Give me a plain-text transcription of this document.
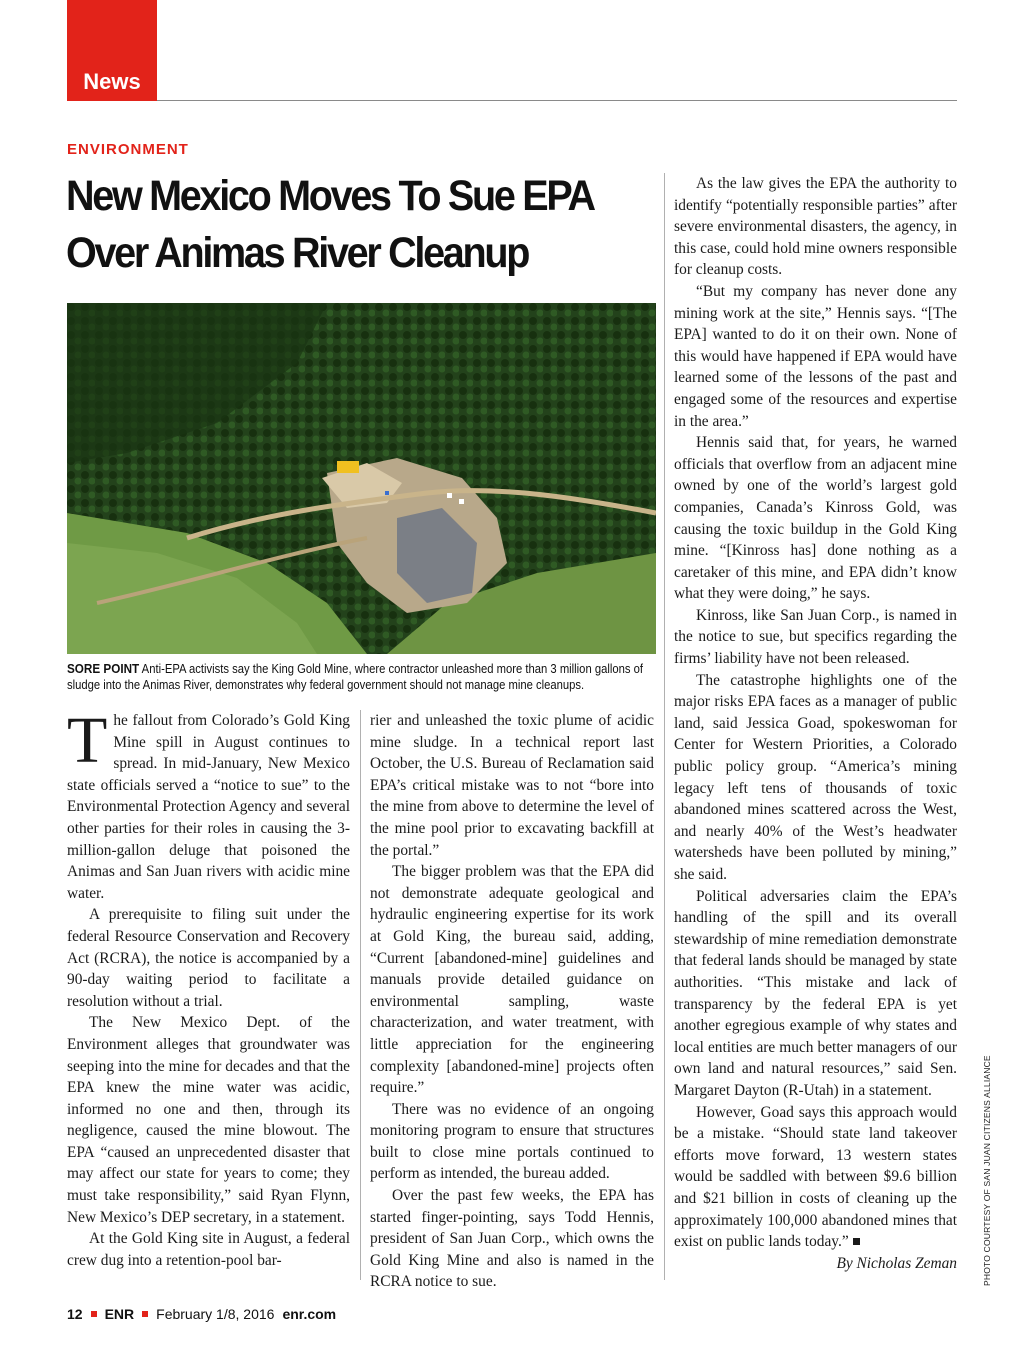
News
ENVIRONMENT
New Mexico Moves To Sue EPA Over Animas River Cleanup
SORE POINT Anti-EPA activists say the King Gold Mine, where contractor unleashed more than 3 million gallons of sludge into the Animas River, demonstrates why federal government should not manage mine cleanups.

The fallout from Colorado’s Gold King Mine spill in August continues to spread. In mid-January, New Mexico state officials served a “notice to sue” to the Environmental Protection Agency and several other parties for their roles in causing the 3-million-gallon deluge that poisoned the Animas and San Juan rivers with acidic mine water.

A prerequisite to filing suit under the federal Resource Conservation and Recovery Act (RCRA), the notice is accompanied by a 90-day waiting period to facilitate a resolution without a trial.

The New Mexico Dept. of the Environment alleges that groundwater was seeping into the mine for decades and that the EPA knew the mine water was acidic, informed no one and then, through its negligence, caused the mine blowout. The EPA “caused an unprecedented disaster that may affect our state for years to come; they must take responsibility,” said Ryan Flynn, New Mexico’s DEP secretary, in a statement.

At the Gold King site in August, a federal crew dug into a retention-pool bar-

rier and unleashed the toxic plume of acidic mine sludge. In a technical report last October, the U.S. Bureau of Reclamation said EPA’s critical mistake was to not “bore into the mine from above to determine the level of the mine pool prior to excavating backfill at the portal.”

The bigger problem was that the EPA did not demonstrate adequate geological and hydraulic engineering expertise for its work at Gold King, the bureau said, adding, “Current [abandoned-mine] guidelines and manuals provide detailed guidance on environmental sampling, waste characterization, and water treatment, with little appreciation for the engineering complexity [abandoned-mine] projects often require.”

There was no evidence of an ongoing monitoring program to ensure that structures built to close mine portals continued to perform as intended, the bureau added.

Over the past few weeks, the EPA has started finger-pointing, says Todd Hennis, president of San Juan Corp., which owns the Gold King Mine and also is named in the RCRA notice to sue.

As the law gives the EPA the authority to identify “potentially responsible parties” after severe environmental disasters, the agency, in this case, could hold mine owners responsible for cleanup costs.

“But my company has never done any mining work at the site,” Hennis says. “[The EPA] wanted to do it on their own. None of this would have happened if EPA would have learned some of the lessons of the past and engaged some of the resources and expertise in the area.”

Hennis said that, for years, he warned officials that overflow from an adjacent mine owned by one of the world’s largest gold companies, Canada’s Kinross Gold, was causing the toxic buildup in the Gold King mine. “[Kinross has] done nothing as a caretaker of this mine, and EPA didn’t know what they were doing,” he says.

Kinross, like San Juan Corp., is named in the notice to sue, but specifics regarding the firms’ liability have not been released.

The catastrophe highlights one of the major risks EPA faces as a manager of public land, said Jessica Goad, spokeswoman for Center for Western Priorities, a Colorado public policy group. “America’s mining legacy left tens of thousands of toxic abandoned mines scattered across the West, and nearly 40% of the West’s headwater watersheds have been polluted by mining,” she said.

Political adversaries claim the EPA’s handling of the spill and its overall stewardship of mine remediation demonstrate that federal lands should be managed by state authorities. “This mistake and lack of transparency by the federal EPA is yet another egregious example of why states and local entities are much better managers of our own land and natural resources,” said Sen. Margaret Dayton (R-Utah) in a statement.

However, Goad says this approach would be a mistake. “Should state land takeover efforts move forward, 13 western states would be saddled with between $9.6 billion and $21 billion in costs of cleaning up the approximately 100,000 abandoned mines that exist on public lands today.”

By Nicholas Zeman	PHOTO COURTESY OF SAN JUAN CITIZENS ALLIANCE
12 ENR February 1/8, 2016 enr.com
